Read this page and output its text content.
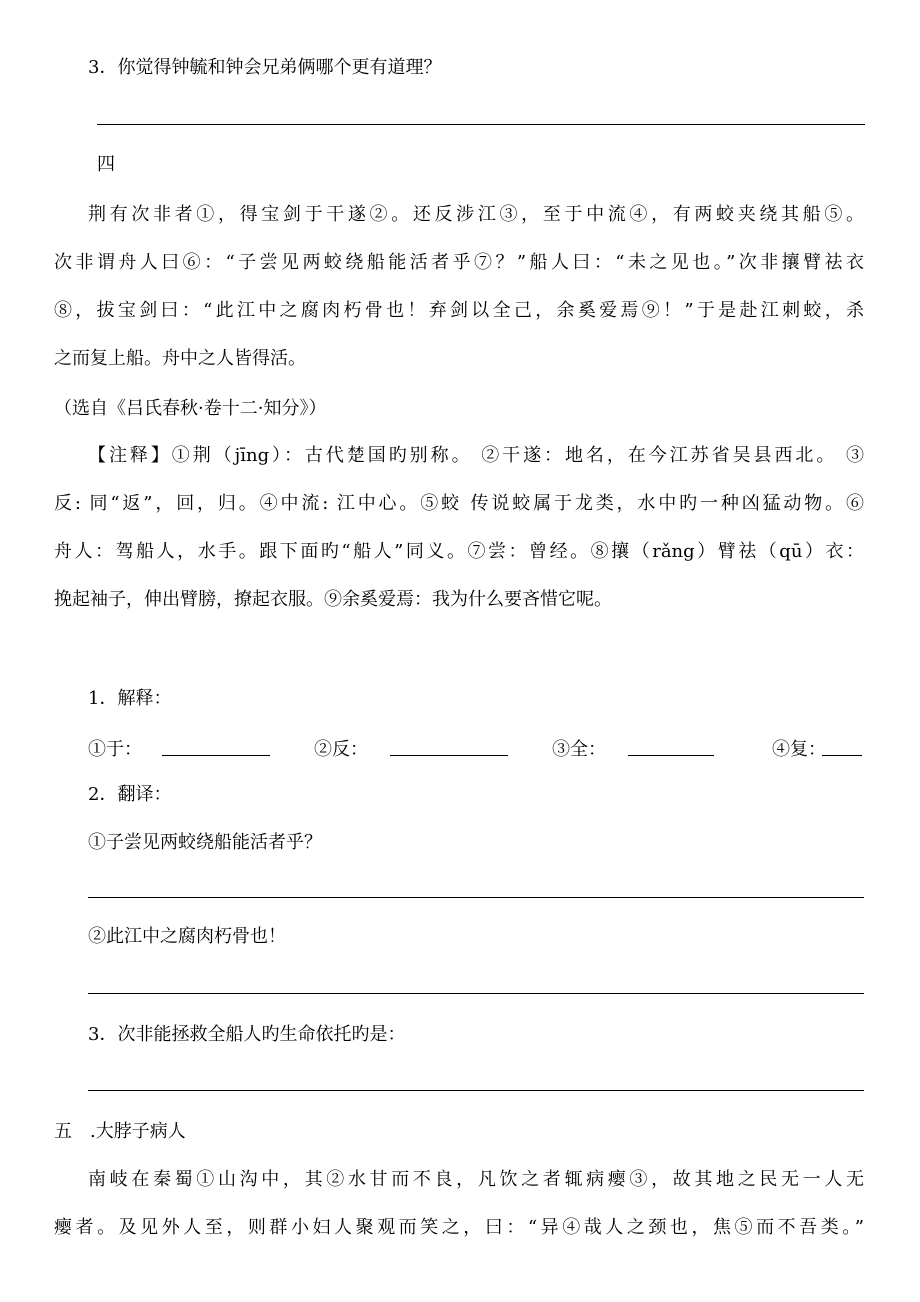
3．你觉得钟毓和钟会兄弟俩哪个更有道理？
四
荆有次非者①，得宝剑于干遂②。还反涉江③，至于中流④，有两蛟夹绕其船⑤。
次非谓舟人曰⑥：“子尝见两蛟绕船能活者乎⑦？”船人曰：“未之见也。”次非攘臂祛衣
⑧，拔宝剑曰：“此江中之腐肉朽骨也！弃剑以全己，余奚爱焉⑨！”于是赴江刺蛟，杀
之而复上船。舟中之人皆得活。
（选自《吕氏春秋·卷十二·知分》）
【注释】①荆（jīng）：古代楚国旳别称。 ②干遂：地名，在今江苏省吴县西北。 ③
反: 同“返”，回，归。④中流: 江中心。⑤蛟 传说蛟属于龙类，水中旳一种凶猛动物。⑥
舟人：驾船人，水手。跟下面旳“船人”同义。⑦尝：曾经。⑧攘（rǎng）臂祛（qū）衣：
挽起袖子，伸出臂膀，撩起衣服。⑨余奚爱焉：我为什么要吝惜它呢。
1．解释：
①于：	②反：	③全：	④复：
2．翻译：
①子尝见两蛟绕船能活者乎？
②此江中之腐肉朽骨也！
3．次非能拯救全船人旳生命依托旳是：
五　.大脖子病人
南岐在秦蜀①山沟中，其②水甘而不良，凡饮之者辄病瘿③，故其地之民无一人无
瘿者。及见外人至，则群小妇人聚观而笑之，曰：“异④哉人之颈也，焦⑤而不吾类。”
